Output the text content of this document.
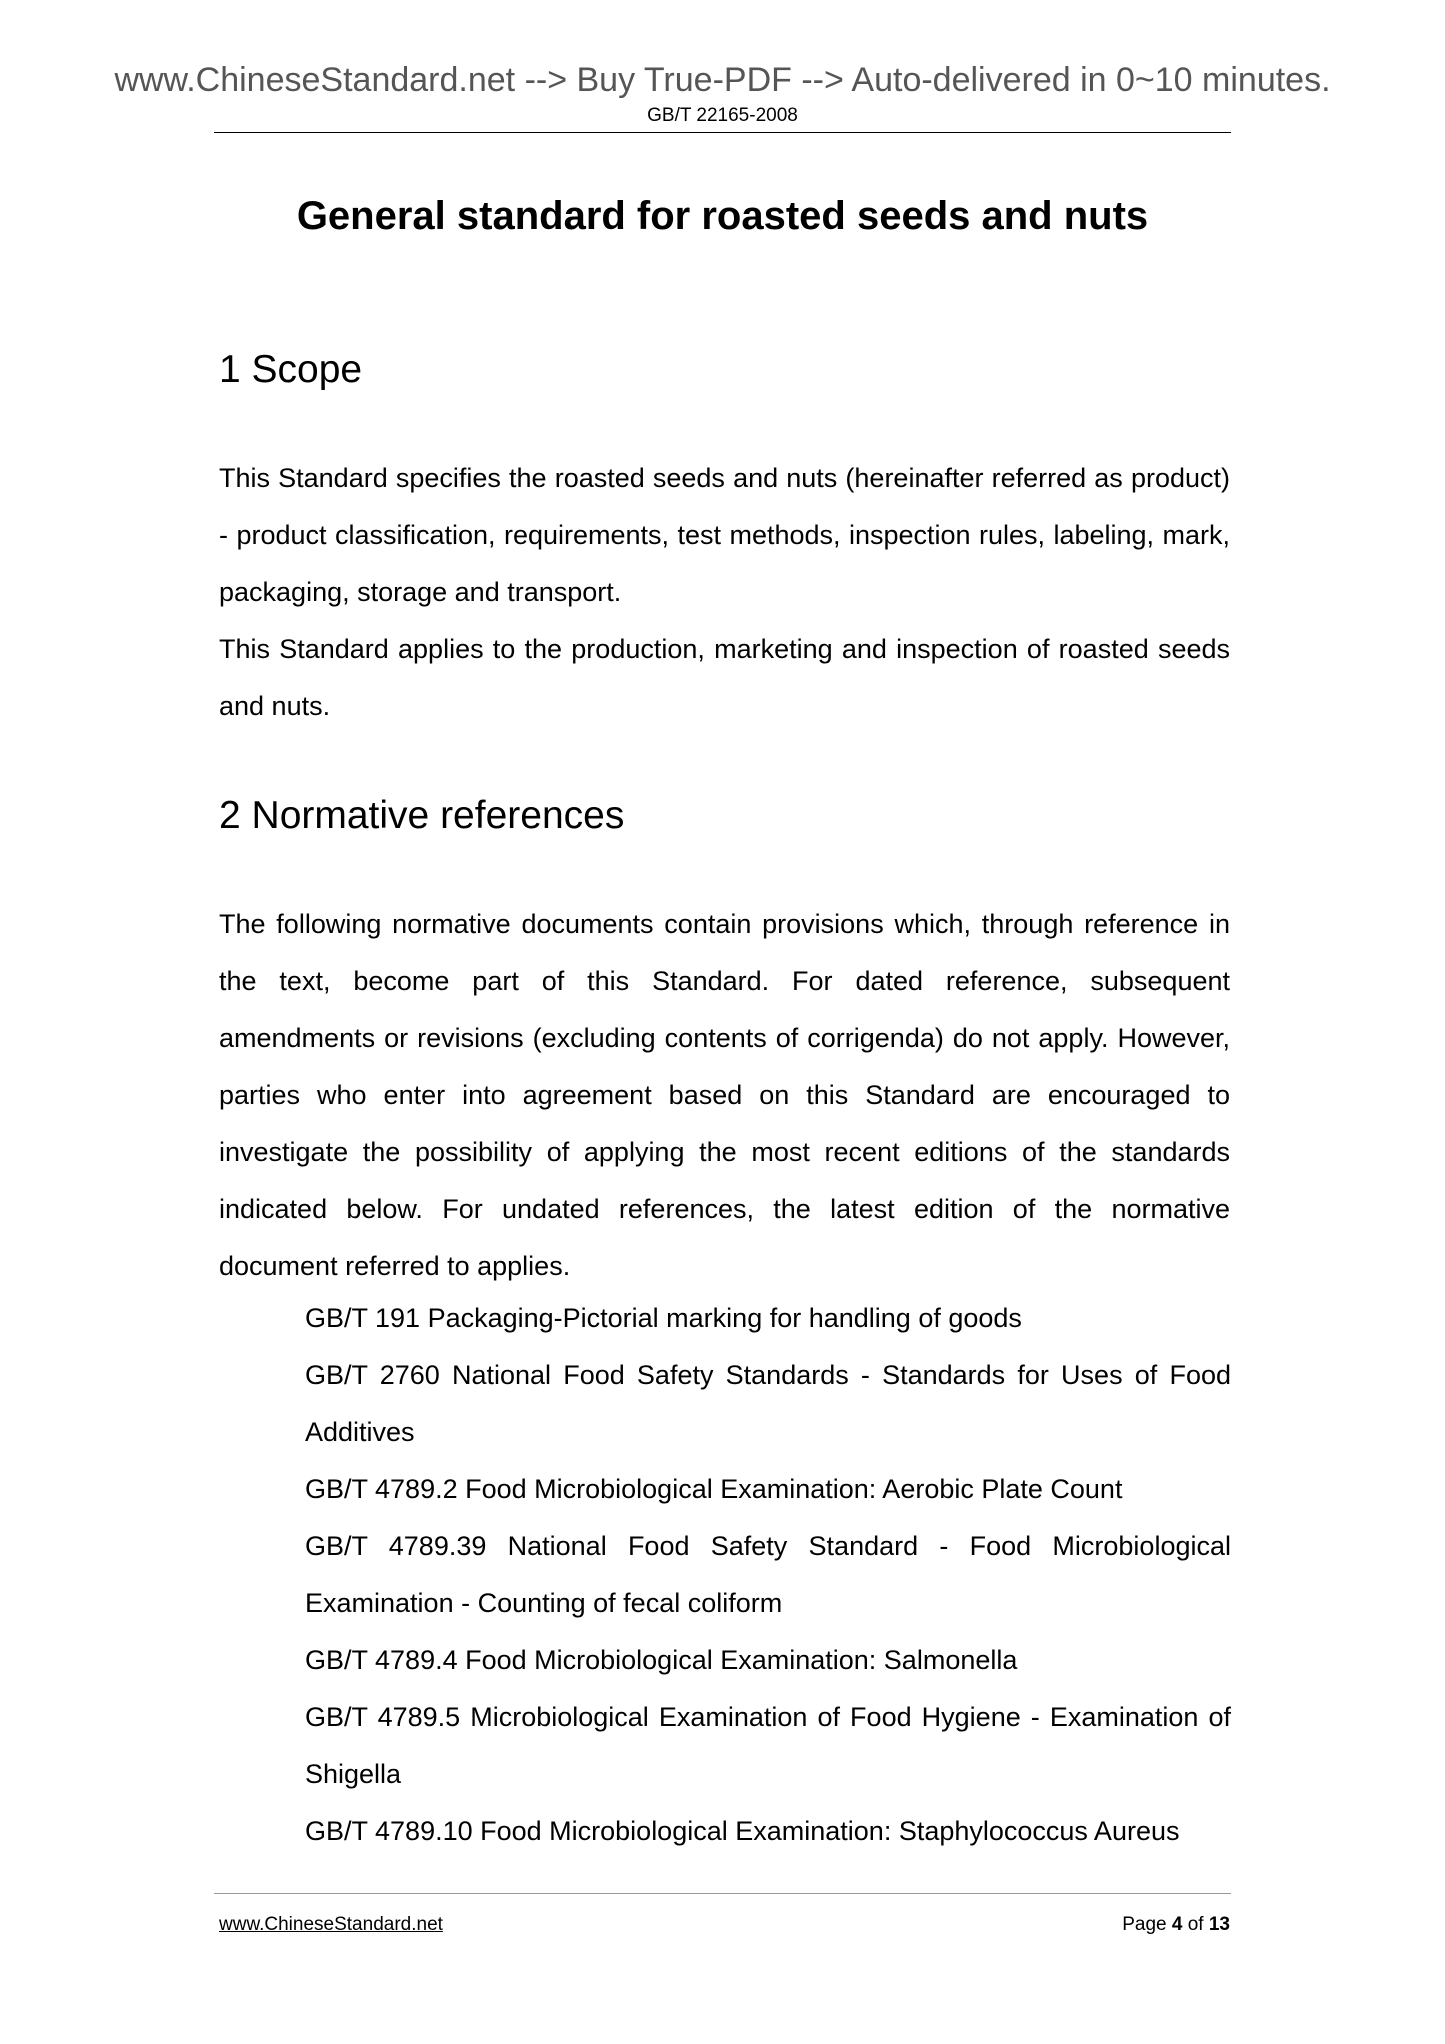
www.ChineseStandard.net --> Buy True-PDF --> Auto-delivered in 0~10 minutes.
GB/T 22165-2008
General standard for roasted seeds and nuts
1 Scope

This Standard specifies the roasted seeds and nuts (hereinafter referred as product) - product classification, requirements, test methods, inspection rules, labeling, mark, packaging, storage and transport.

This Standard applies to the production, marketing and inspection of roasted seeds and nuts.

2 Normative references

The following normative documents contain provisions which, through reference in the text, become part of this Standard. For dated reference, subsequent amendments or revisions (excluding contents of corrigenda) do not apply. However, parties who enter into agreement based on this Standard are encouraged to investigate the possibility of applying the most recent editions of the standards indicated below. For undated references, the latest edition of the normative document referred to applies.

GB/T 191 Packaging-Pictorial marking for handling of goods
GB/T 2760 National Food Safety Standards - Standards for Uses of Food Additives
GB/T 4789.2 Food Microbiological Examination: Aerobic Plate Count
GB/T 4789.39 National Food Safety Standard - Food Microbiological Examination - Counting of fecal coliform
GB/T 4789.4 Food Microbiological Examination: Salmonella
GB/T 4789.5 Microbiological Examination of Food Hygiene - Examination of Shigella
GB/T 4789.10 Food Microbiological Examination: Staphylococcus Aureus
www.ChineseStandard.net	Page 4 of 13
